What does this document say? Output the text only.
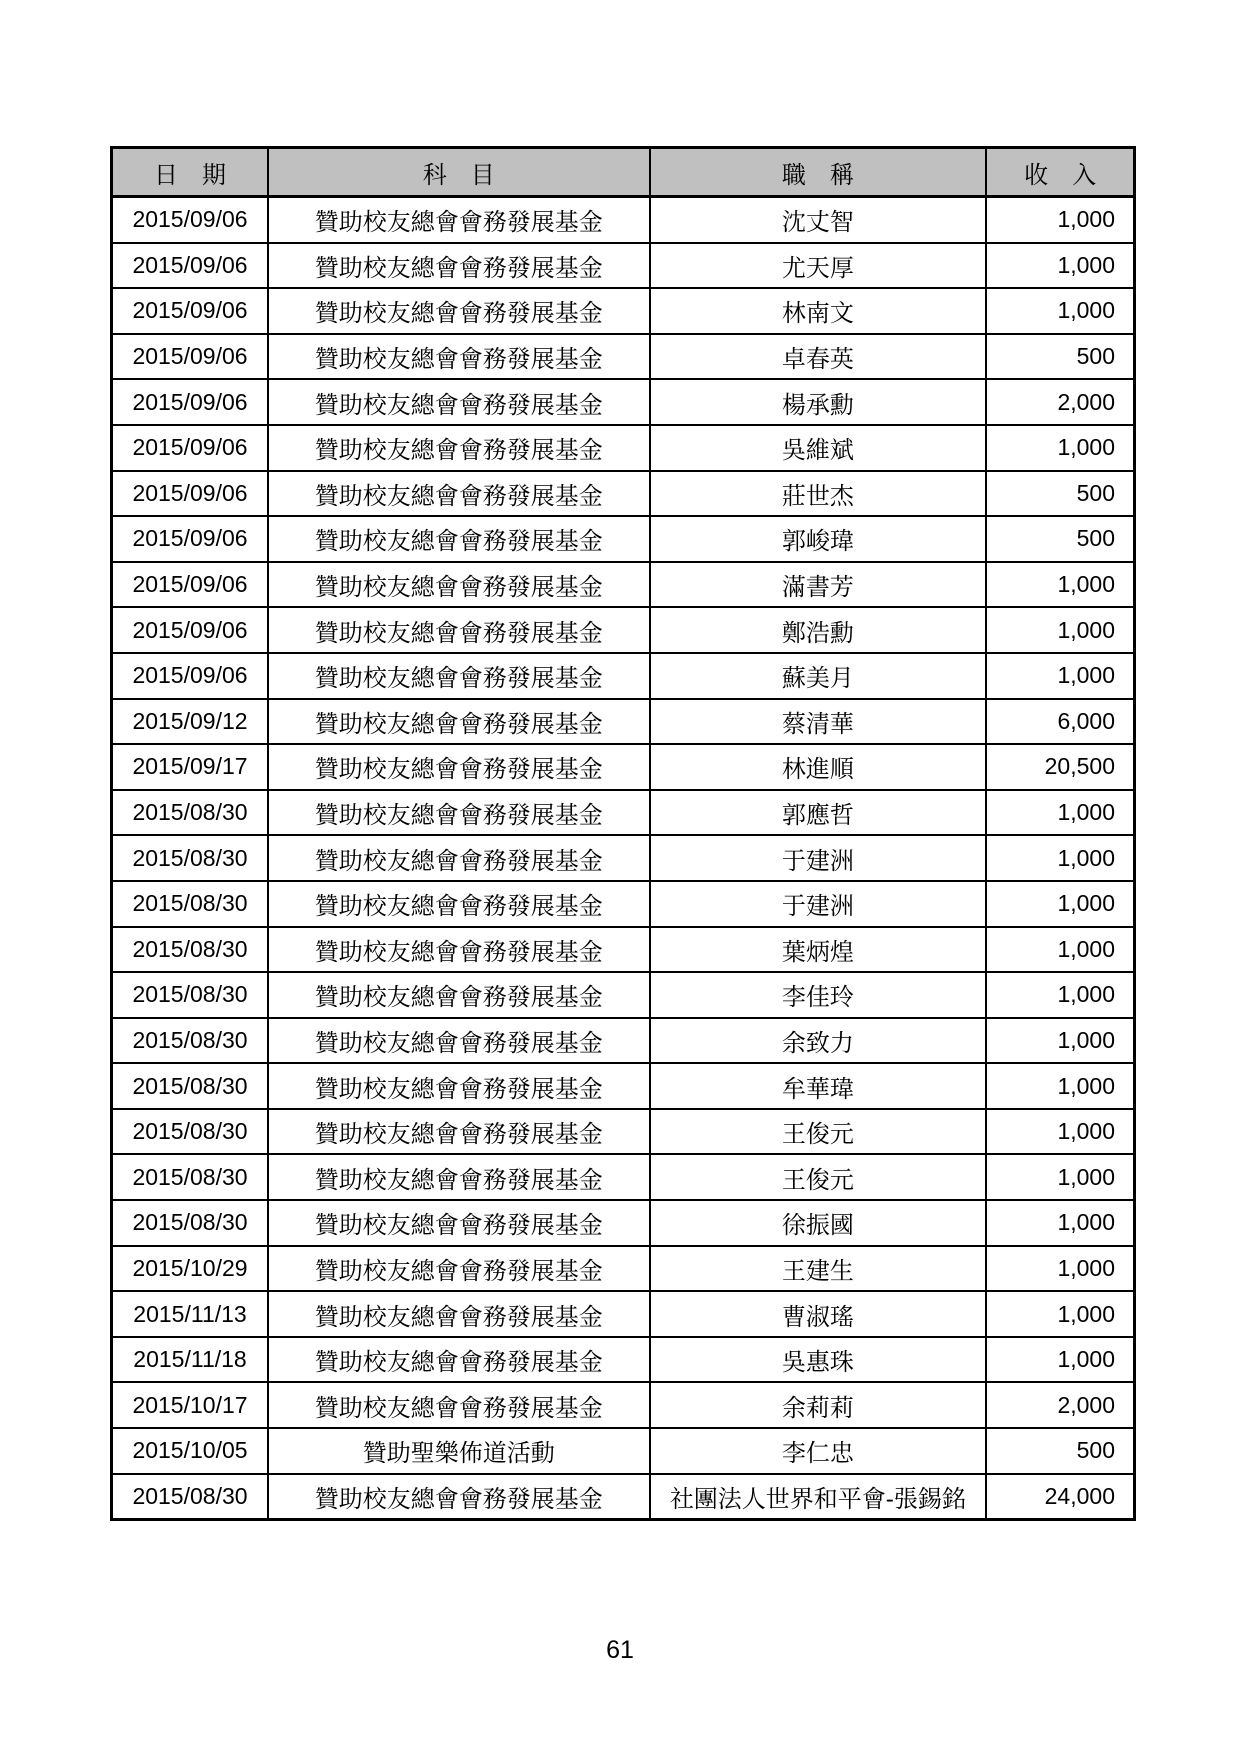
日　期	科　目	職　稱	收　入
2015/09/06	贊助校友總會會務發展基金	沈丈智	1,000
2015/09/06	贊助校友總會會務發展基金	尤天厚	1,000
2015/09/06	贊助校友總會會務發展基金	林南文	1,000
2015/09/06	贊助校友總會會務發展基金	卓春英	500
2015/09/06	贊助校友總會會務發展基金	楊承勳	2,000
2015/09/06	贊助校友總會會務發展基金	吳維斌	1,000
2015/09/06	贊助校友總會會務發展基金	莊世杰	500
2015/09/06	贊助校友總會會務發展基金	郭峻瑋	500
2015/09/06	贊助校友總會會務發展基金	滿書芳	1,000
2015/09/06	贊助校友總會會務發展基金	鄭浩勳	1,000
2015/09/06	贊助校友總會會務發展基金	蘇美月	1,000
2015/09/12	贊助校友總會會務發展基金	蔡清華	6,000
2015/09/17	贊助校友總會會務發展基金	林進順	20,500
2015/08/30	贊助校友總會會務發展基金	郭應哲	1,000
2015/08/30	贊助校友總會會務發展基金	于建洲	1,000
2015/08/30	贊助校友總會會務發展基金	于建洲	1,000
2015/08/30	贊助校友總會會務發展基金	葉炳煌	1,000
2015/08/30	贊助校友總會會務發展基金	李佳玲	1,000
2015/08/30	贊助校友總會會務發展基金	余致力	1,000
2015/08/30	贊助校友總會會務發展基金	牟華瑋	1,000
2015/08/30	贊助校友總會會務發展基金	王俊元	1,000
2015/08/30	贊助校友總會會務發展基金	王俊元	1,000
2015/08/30	贊助校友總會會務發展基金	徐振國	1,000
2015/10/29	贊助校友總會會務發展基金	王建生	1,000
2015/11/13	贊助校友總會會務發展基金	曹淑瑤	1,000
2015/11/18	贊助校友總會會務發展基金	吳惠珠	1,000
2015/10/17	贊助校友總會會務發展基金	余莉莉	2,000
2015/10/05	贊助聖樂佈道活動	李仁忠	500
2015/08/30	贊助校友總會會務發展基金	社團法人世界和平會-張錫銘	24,000
61
